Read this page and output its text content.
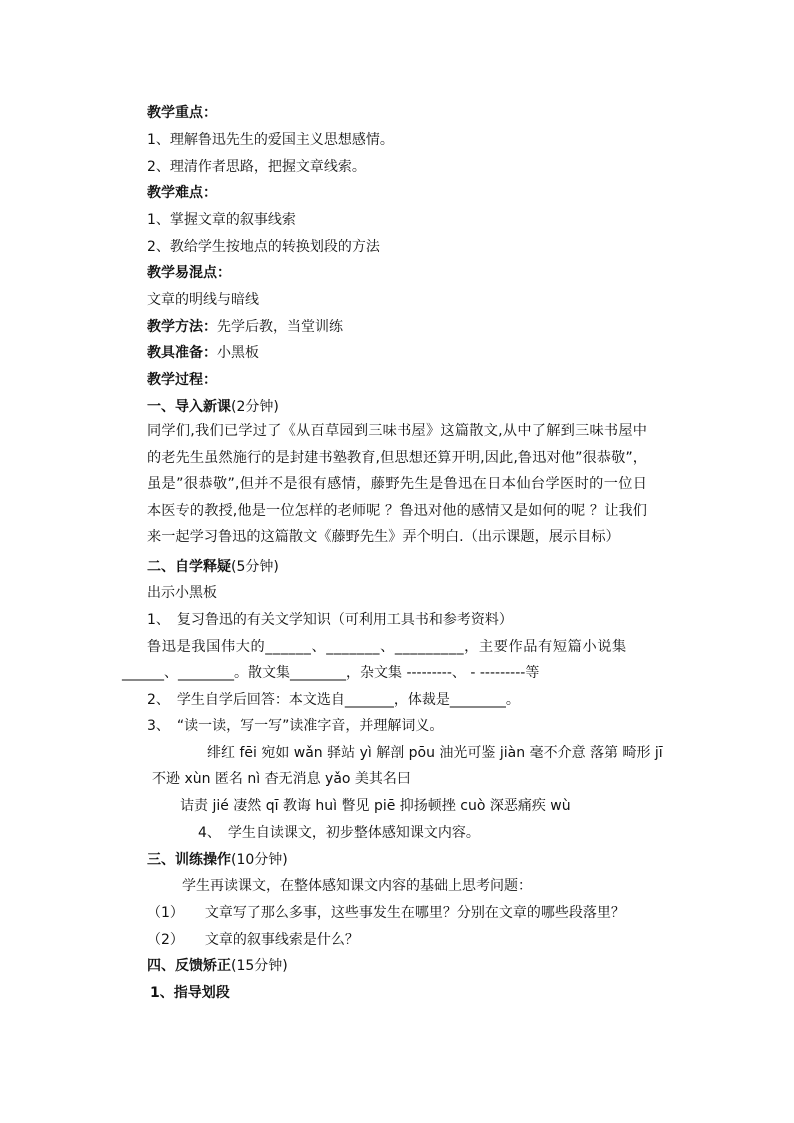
教学重点：
1、理解鲁迅先生的爱国主义思想感情。
2、理清作者思路，把握文章线索。
教学难点：
1、掌握文章的叙事线索
2、教给学生按地点的转换划段的方法
教学易混点：
文章的明线与暗线
教学方法：先学后教，当堂训练
教具准备：小黑板
教学过程：
一、导入新课(2分钟)
同学们,我们已学过了《从百草园到三味书屋》这篇散文,从中了解到三味书屋中的老先生虽然施行的是封建书塾教育,但思想还算开明,因此,鲁迅对他”很恭敬”，虽是”很恭敬”,但并不是很有感情，藤野先生是鲁迅在日本仙台学医时的一位日本医专的教授,他是一位怎样的老师呢 ？鲁迅对他的感情又是如何的呢 ？让我们来一起学习鲁迅的这篇散文《藤野先生》弄个明白.（出示课题，展示目标）
二、自学释疑(5分钟)
出示小黑板
1、　复习鲁迅的有关文学知识（可利用工具书和参考资料）
鲁迅是我国伟大的______、_______、_________，主要作品有短篇小说集
______、________。散文集________，杂文集 ---------、 - ---------等
2、　学生自学后回答：本文选自_______，体裁是________。
3、　“读一读，写一写”读准字音，并理解词义。
绯红 fēi 宛如 wǎn 驿站 yì 解剖 pōu 油光可鉴 jiàn 毫不介意 落第 畸形 jī
不逊 xùn 匿名 nì 杳无消息 yǎo 美其名曰
诘责 jié 凄然 qī 教诲 huì 瞥见 piē 抑扬顿挫 cuò 深恶痛疾 wù
4、　学生自读课文，初步整体感知课文内容。
三、训练操作(10分钟)
学生再读课文，在整体感知课文内容的基础上思考问题：
（1）　　文章写了那么多事，这些事发生在哪里？分别在文章的哪些段落里？
（2）　　文章的叙事线索是什么？
四、反馈矫正(15分钟)
1、指导划段
